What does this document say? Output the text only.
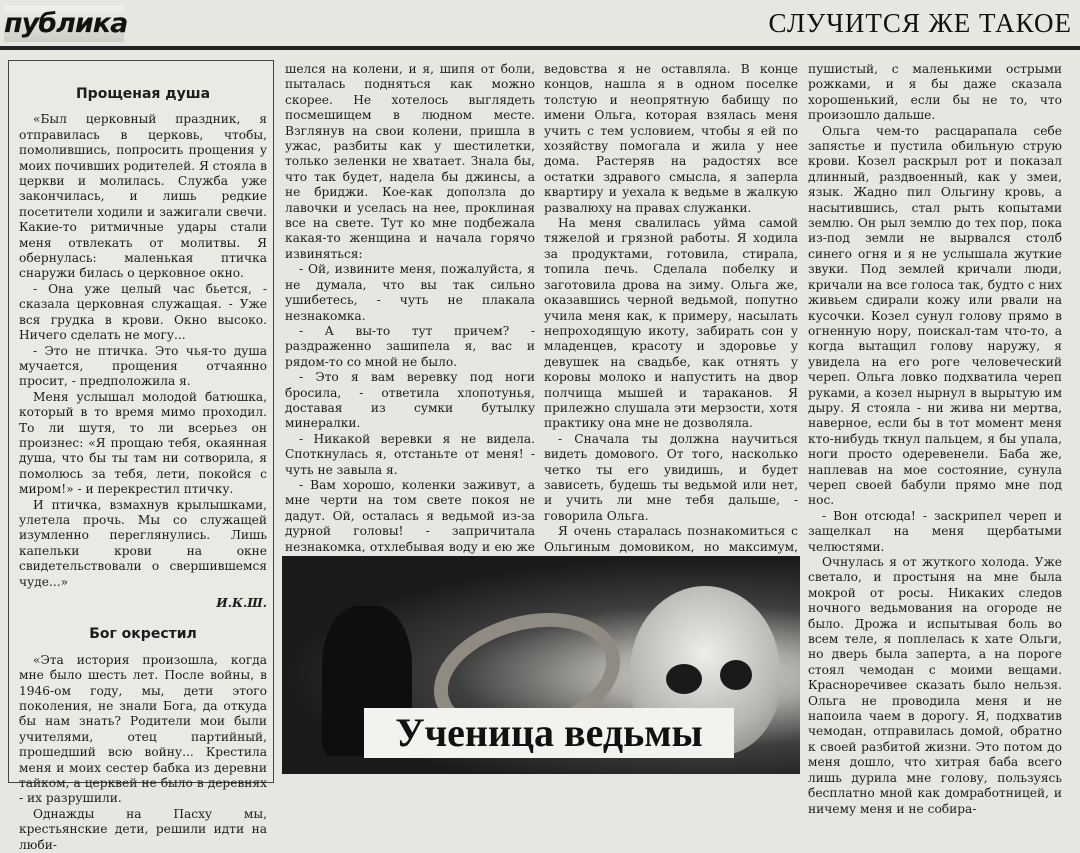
публика	СЛУЧИТСЯ ЖЕ ТАКОЕ
Прощеная душа

«Был церковный праздник, я отправилась в церковь, чтобы, помолившись, попросить прощения у моих почивших родителей. Я стояла в церкви и молилась. Служба уже закончилась, и лишь редкие посетители ходили и зажигали свечи. Какие-то ритмичные удары стали меня отвлекать от молитвы. Я обернулась: маленькая птичка снаружи билась о церковное окно.

- Она уже целый час бьется, - сказала церковная служащая. - Уже вся грудка в крови. Окно высоко. Ничего сделать не могу...

- Это не птичка. Это чья-то душа мучается, прощения отчаянно просит, - предположила я.

Меня услышал молодой батюшка, который в то время мимо проходил. То ли шутя, то ли всерьез он произнес: «Я прощаю тебя, окаянная душа, что бы ты там ни сотворила, я помолюсь за тебя, лети, покойся с миром!» - и перекрестил птичку.

И птичка, взмахнув крылышками, улетела прочь. Мы со служащей изумленно переглянулись. Лишь капельки крови на окне свидетельствовали о свершившемся чуде...»

И.К.Ш.
Бог окрестил

«Эта история произошла, когда мне было шесть лет. После войны, в 1946-ом году, мы, дети этого поколения, не знали Бога, да откуда бы нам знать? Родители мои были учителями, отец партийный, прошедший всю войну... Крестила меня и моих сестер бабка из деревни тайком, а церквей не было в деревнях - их разрушили.

Однажды на Пасху мы, крестьянские дети, решили идти на люби-

шелся на колени, и я, шипя от боли, пыталась подняться как можно скорее. Не хотелось выглядеть посмешищем в людном месте. Взглянув на свои колени, пришла в ужас, разбиты как у шестилетки, только зеленки не хватает. Знала бы, что так будет, надела бы джинсы, а не бриджи. Кое-как доползла до лавочки и уселась на нее, проклиная все на свете. Тут ко мне подбежала какая-то женщина и начала горячо извиняться:

- Ой, извините меня, пожалуйста, я не думала, что вы так сильно ушибетесь, - чуть не плакала незнакомка.

- А вы-то тут причем? - раздраженно зашипела я, вас и рядом-то со мной не было.

- Это я вам веревку под ноги бросила, - ответила хлопотунья, доставая из сумки бутылку минералки.

- Никакой веревки я не видела. Споткнулась я, отстаньте от меня! - чуть не завыла я.

- Вам хорошо, коленки заживут, а мне черти на том свете покоя не дадут. Ой, осталась я ведьмой из-за дурной головы! - запричитала незнакомка, отхлебывая воду и ею же

ведовства я не оставляла. В конце концов, нашла я в одном поселке толстую и неопрятную бабищу по имени Ольга, которая взялась меня учить с тем условием, чтобы я ей по хозяйству помогала и жила у нее дома. Растеряв на радостях все остатки здравого смысла, я заперла квартиру и уехала к ведьме в жалкую развалюху на правах служанки.

На меня свалилась уйма самой тяжелой и грязной работы. Я ходила за продуктами, готовила, стирала, топила печь. Сделала побелку и заготовила дрова на зиму. Ольга же, оказавшись черной ведьмой, попутно учила меня как, к примеру, насылать непроходящую икоту, забирать сон у младенцев, красоту и здоровье у девушек на свадьбе, как отнять у коровы молоко и напустить на двор полчища мышей и тараканов. Я прилежно слушала эти мерзости, хотя практику она мне не дозволяла.

- Сначала ты должна научиться видеть домового. От того, насколько четко ты его увидишь, и будет зависеть, будешь ты ведьмой или нет, и учить ли мне тебя дальше, - говорила Ольга.

Я очень старалась познакомиться с Ольгиным домовиком, но максимум,

пушистый, с маленькими острыми рожками, и я бы даже сказала хорошенький, если бы не то, что произошло дальше.

Ольга чем-то расцарапала себе запястье и пустила обильную струю крови. Козел раскрыл рот и показал длинный, раздвоенный, как у змеи, язык. Жадно пил Ольгину кровь, а насытившись, стал рыть копытами землю. Он рыл землю до тех пор, пока из-под земли не вырвался столб синего огня и я не услышала жуткие звуки. Под землей кричали люди, кричали на все голоса так, будто с них живьем сдирали кожу или рвали на кусочки. Козел сунул голову прямо в огненную нору, поискал-там что-то, а когда вытащил голову наружу, я увидела на его роге человеческий череп. Ольга ловко подхватила череп руками, а козел нырнул в вырытую им дыру. Я стояла - ни жива ни мертва, наверное, если бы в тот момент меня кто-нибудь ткнул пальцем, я бы упала, ноги просто одеревенели. Баба же, наплевав на мое состояние, сунула череп своей бабули прямо мне под нос.

- Вон отсюда! - заскрипел череп и защелкал на меня щербатыми челюстями.

Очнулась я от жуткого холода. Уже светало, и простыня на мне была мокрой от росы. Никаких следов ночного ведьмования на огороде не было. Дрожа и испытывая боль во всем теле, я поплелась к хате Ольги, но дверь была заперта, а на пороге стоял чемодан с моими вещами. Красноречивее сказать было нельзя. Ольга не проводила меня и не напоила чаем в дорогу. Я, подхватив чемодан, отправилась домой, обратно к своей разбитой жизни. Это потом до меня дошло, что хитрая баба всего лишь дурила мне голову, пользуясь бесплатно мной как домработницей, и ничему меня и не собира-

Ученица ведьмы
